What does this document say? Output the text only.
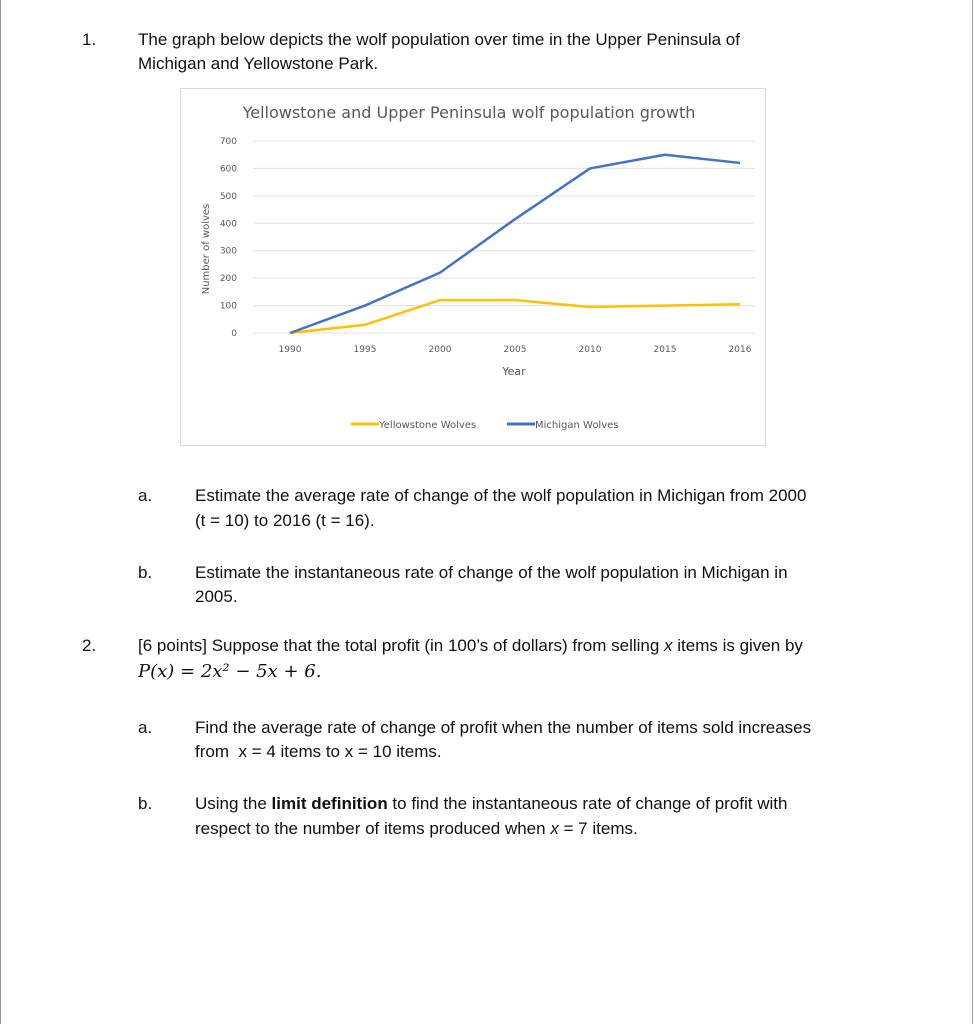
1. The graph below depicts the wolf population over time in the Upper Peninsula of
Michigan and Yellowstone Park.
Yellowstone and Upper Peninsula wolf population growth
0
100
200
300
400
500
600
700
1990	1995	2000	2005	2010	2015	2016
Number of wolves
Year
Yellowstone Wolves	Michigan Wolves
a.	Estimate the average rate of change of the wolf population in Michigan from 2000
(t = 10) to 2016 (t = 16).
b.	Estimate the instantaneous rate of change of the wolf population in Michigan in
2005.
2. [6 points] Suppose that the total profit (in 100’s of dollars) from selling x items is given by
P(x) = 2x² − 5x + 6.
a.	Find the average rate of change of profit when the number of items sold increases
from  x = 4 items to x = 10 items.
b.	Using the limit definition to find the instantaneous rate of change of profit with
respect to the number of items produced when x = 7 items.
